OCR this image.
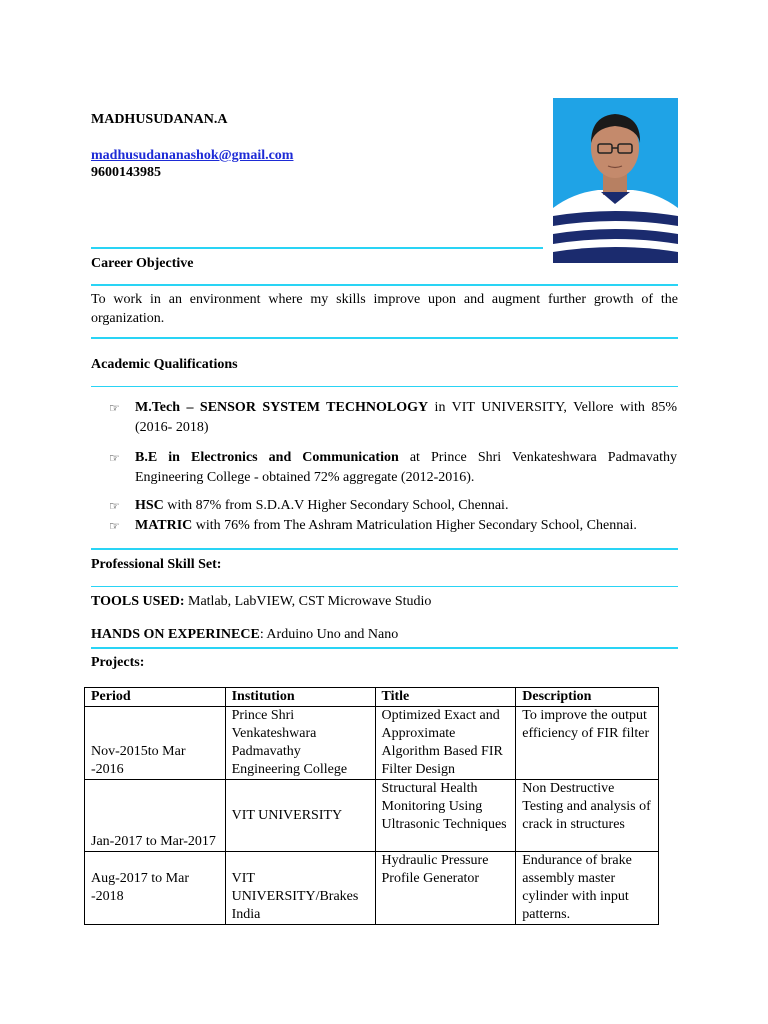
MADHUSUDANAN.A
madhusudananashok@gmail.com
9600143985
Career Objective
To work in an environment where my skills improve upon and augment further growth of the organization.
Academic Qualifications
☞ M.Tech – SENSOR SYSTEM TECHNOLOGY in VIT UNIVERSITY, Vellore with 85% (2016- 2018)
☞ B.E in Electronics and Communication at Prince Shri Venkateshwara Padmavathy Engineering College - obtained 72% aggregate (2012-2016).
☞ HSC with 87% from S.D.A.V Higher Secondary School, Chennai.
☞ MATRIC with 76% from The Ashram Matriculation Higher Secondary School, Chennai.
Professional Skill Set:
TOOLS USED: Matlab, LabVIEW, CST Microwave Studio
HANDS ON EXPERINECE: Arduino Uno and Nano
Projects:
Period	Institution	Title	Description
Nov-2015to Mar -2016	Prince Shri Venkateshwara Padmavathy Engineering College	Optimized Exact and Approximate Algorithm Based FIR Filter Design	To improve the output efficiency of FIR filter
Jan-2017 to Mar-2017	VIT UNIVERSITY	Structural Health Monitoring Using Ultrasonic Techniques	Non Destructive Testing and analysis of crack in structures
Aug-2017 to Mar -2018	VIT UNIVERSITY/Brakes India	Hydraulic Pressure Profile Generator	Endurance of brake assembly master cylinder with input patterns.
